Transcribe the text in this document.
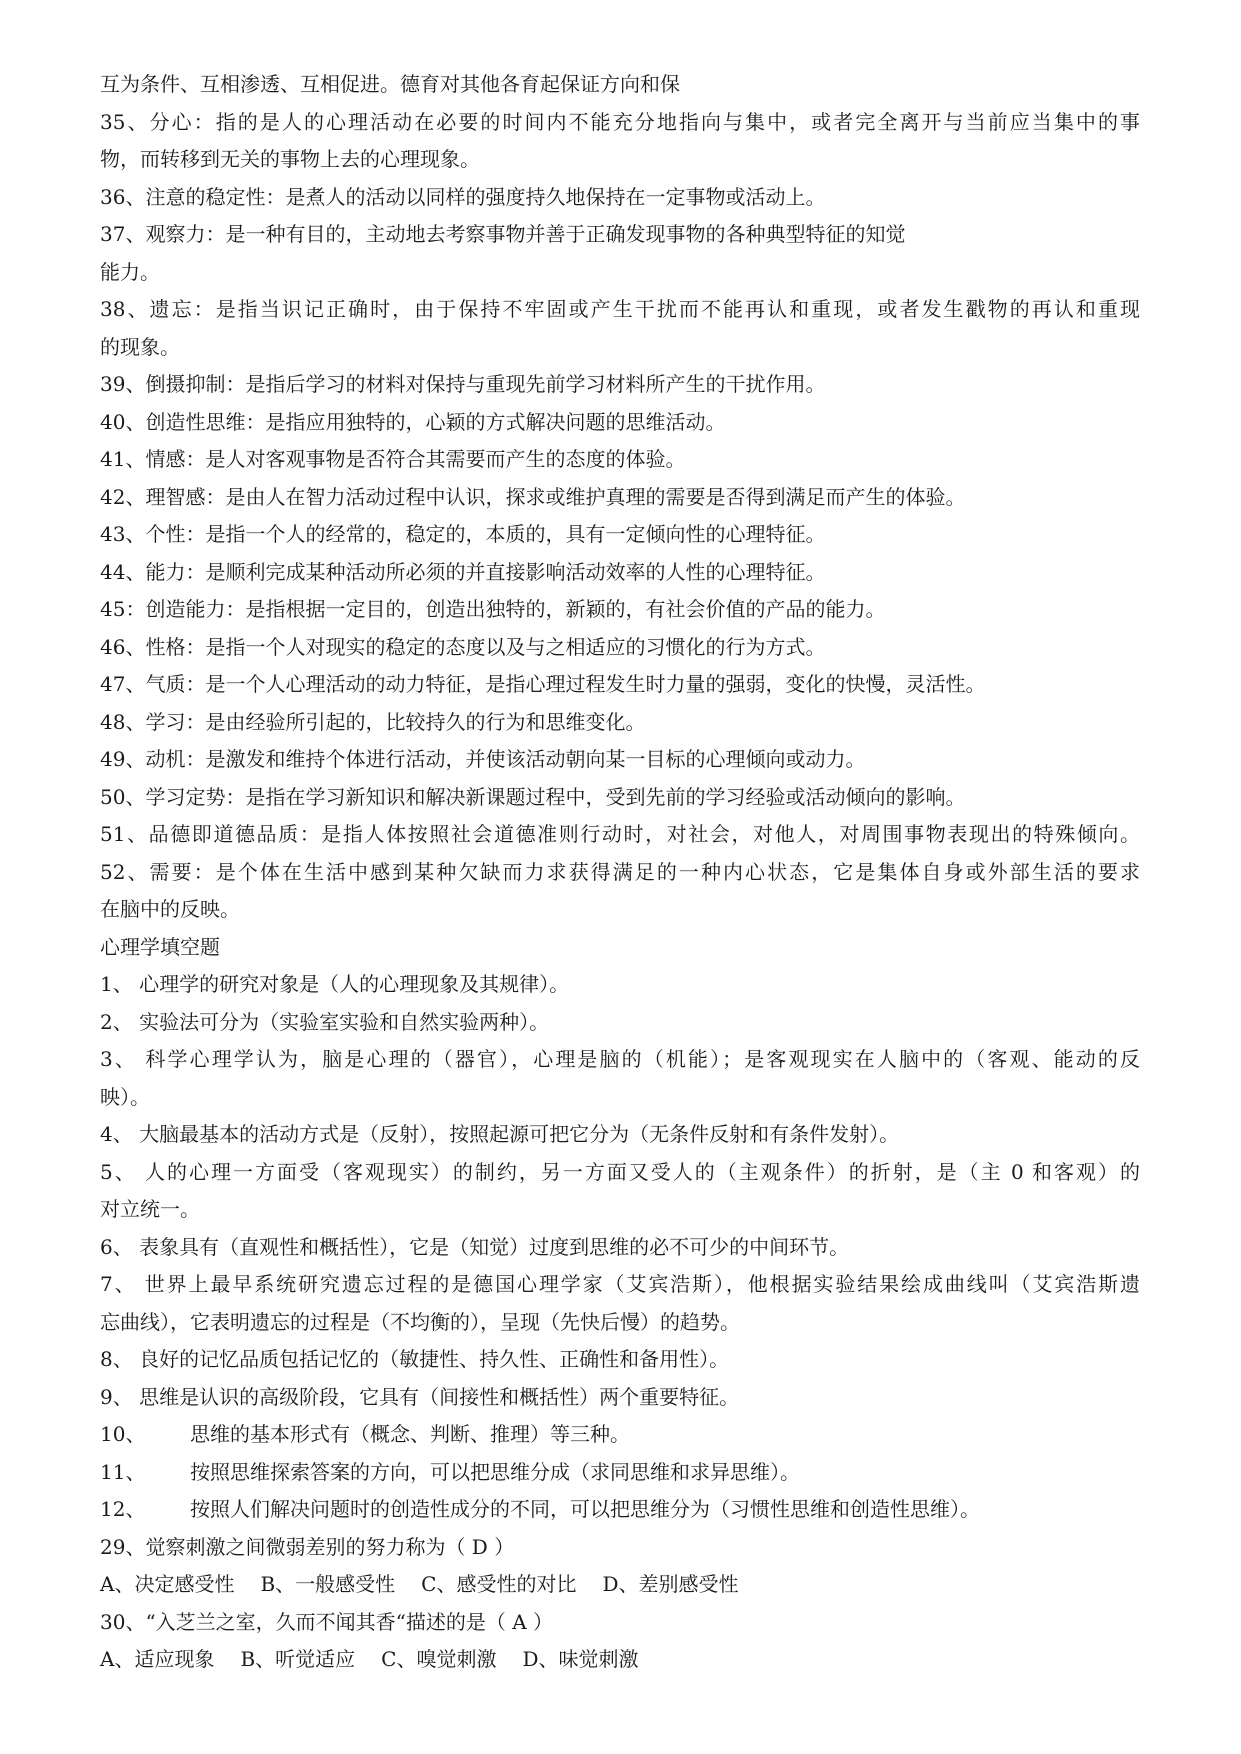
互为条件、互相渗透、互相促进。德育对其他各育起保证方向和保
35、分心：指的是人的心理活动在必要的时间内不能充分地指向与集中，或者完全离开与当前应当集中的事
物，而转移到无关的事物上去的心理现象。
36、注意的稳定性：是煮人的活动以同样的强度持久地保持在一定事物或活动上。
37、观察力：是一种有目的，主动地去考察事物并善于正确发现事物的各种典型特征的知觉
能力。
38、遗忘：是指当识记正确时，由于保持不牢固或产生干扰而不能再认和重现，或者发生戳物的再认和重现
的现象。
39、倒摄抑制：是指后学习的材料对保持与重现先前学习材料所产生的干扰作用。
40、创造性思维：是指应用独特的，心颖的方式解决问题的思维活动。
41、情感：是人对客观事物是否符合其需要而产生的态度的体验。
42、理智感：是由人在智力活动过程中认识，探求或维护真理的需要是否得到满足而产生的体验。
43、个性：是指一个人的经常的，稳定的，本质的，具有一定倾向性的心理特征。
44、能力：是顺利完成某种活动所必须的并直接影响活动效率的人性的心理特征。
45：创造能力：是指根据一定目的，创造出独特的，新颖的，有社会价值的产品的能力。
46、性格：是指一个人对现实的稳定的态度以及与之相适应的习惯化的行为方式。
47、气质：是一个人心理活动的动力特征，是指心理过程发生时力量的强弱，变化的快慢，灵活性。
48、学习：是由经验所引起的，比较持久的行为和思维变化。
49、动机：是激发和维持个体进行活动，并使该活动朝向某一目标的心理倾向或动力。
50、学习定势：是指在学习新知识和解决新课题过程中，受到先前的学习经验或活动倾向的影响。
51、品德即道德品质：是指人体按照社会道德准则行动时，对社会，对他人，对周围事物表现出的特殊倾向。
52、需要：是个体在生活中感到某种欠缺而力求获得满足的一种内心状态，它是集体自身或外部生活的要求
在脑中的反映。
心理学填空题
1、 心理学的研究对象是（人的心理现象及其规律）。
2、 实验法可分为（实验室实验和自然实验两种）。
3、 科学心理学认为，脑是心理的（器官），心理是脑的（机能）；是客观现实在人脑中的（客观、能动的反
映）。
4、 大脑最基本的活动方式是（反射），按照起源可把它分为（无条件反射和有条件发射）。
5、 人的心理一方面受（客观现实）的制约，另一方面又受人的（主观条件）的折射，是（主 0 和客观）的
对立统一。
6、 表象具有（直观性和概括性），它是（知觉）过度到思维的必不可少的中间环节。
7、 世界上最早系统研究遗忘过程的是德国心理学家（艾宾浩斯），他根据实验结果绘成曲线叫（艾宾浩斯遗
忘曲线），它表明遗忘的过程是（不均衡的），呈现（先快后慢）的趋势。
8、 良好的记忆品质包括记忆的（敏捷性、持久性、正确性和备用性）。
9、 思维是认识的高级阶段，它具有（间接性和概括性）两个重要特征。
10、 思维的基本形式有（概念、判断、推理）等三种。
11、 按照思维探索答案的方向，可以把思维分成（求同思维和求异思维）。
12、 按照人们解决问题时的创造性成分的不同，可以把思维分为（习惯性思维和创造性思维）。
29、觉察刺激之间微弱差别的努力称为（ D ）
A、决定感受性 B、一般感受性 C、感受性的对比 D、差别感受性
30、“入芝兰之室，久而不闻其香“描述的是（ A ）
A、适应现象 B、听觉适应 C、嗅觉刺激 D、味觉刺激
